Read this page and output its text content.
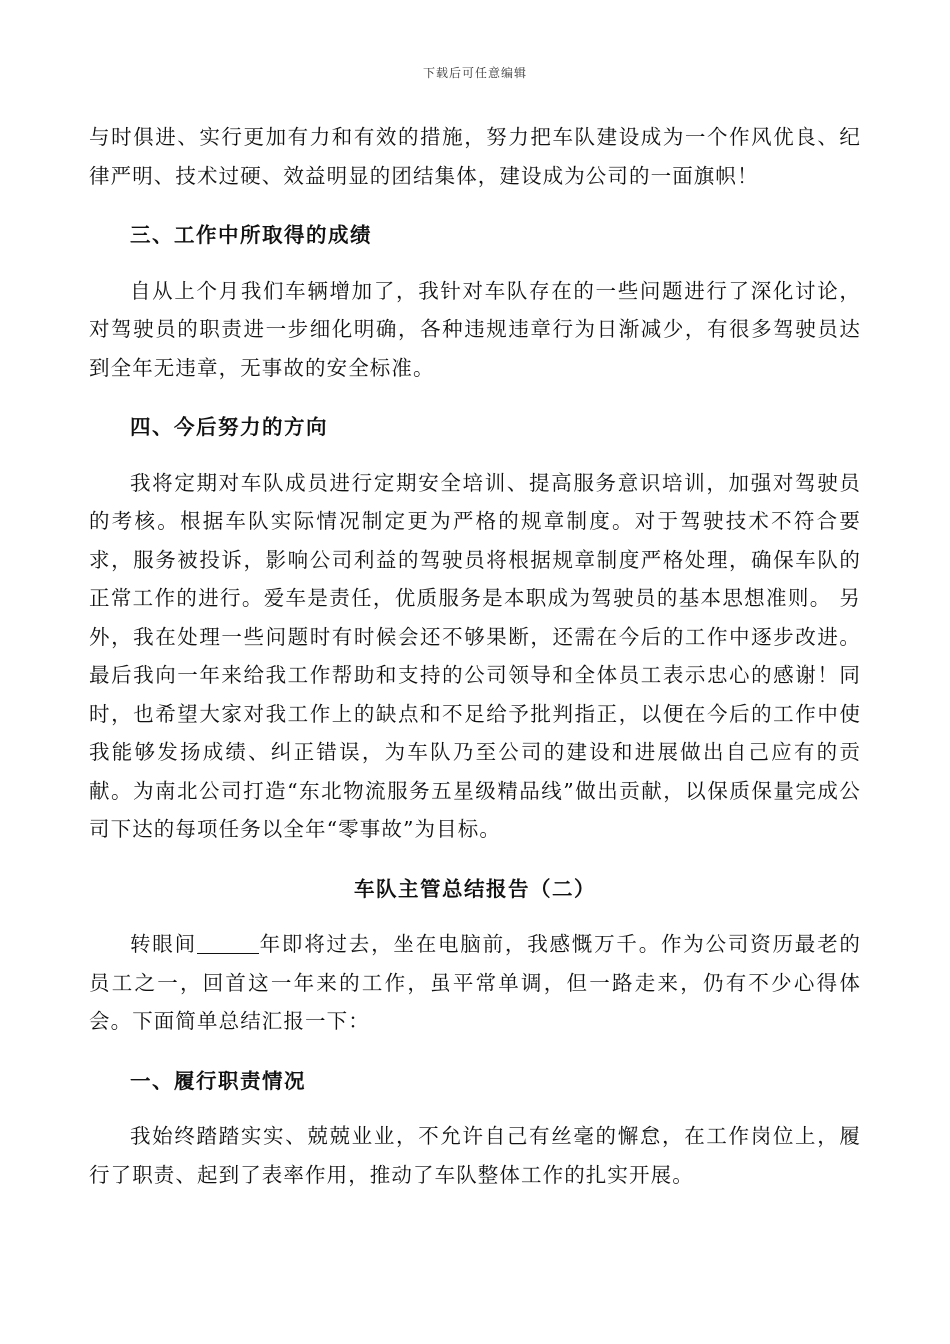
下载后可任意编辑

与时俱进、实行更加有力和有效的措施，努力把车队建设成为一个作风优良、纪律严明、技术过硬、效益明显的团结集体，建设成为公司的一面旗帜！

三、工作中所取得的成绩

自从上个月我们车辆增加了，我针对车队存在的一些问题进行了深化讨论，对驾驶员的职责进一步细化明确，各种违规违章行为日渐减少，有很多驾驶员达到全年无违章，无事故的安全标准。

四、今后努力的方向

我将定期对车队成员进行定期安全培训、提高服务意识培训，加强对驾驶员的考核。根据车队实际情况制定更为严格的规章制度。对于驾驶技术不符合要求，服务被投诉，影响公司利益的驾驶员将根据规章制度严格处理，确保车队的正常工作的进行。爱车是责任，优质服务是本职成为驾驶员的基本思想准则。 另外，我在处理一些问题时有时候会还不够果断，还需在今后的工作中逐步改进。最后我向一年来给我工作帮助和支持的公司领导和全体员工表示忠心的感谢！同时，也希望大家对我工作上的缺点和不足给予批判指正，以便在今后的工作中使我能够发扬成绩、纠正错误，为车队乃至公司的建设和进展做出自己应有的贡献。为南北公司打造“东北物流服务五星级精品线”做出贡献，以保质保量完成公司下达的每项任务以全年“零事故”为目标。

车队主管总结报告（二）

转眼间	年即将过去，坐在电脑前，我感慨万千。作为公司资历最老的员工之一，回首这一年来的工作，虽平常单调，但一路走来，仍有不少心得体会。下面简单总结汇报一下：

一、履行职责情况

我始终踏踏实实、兢兢业业，不允许自己有丝毫的懈怠，在工作岗位上，履行了职责、起到了表率作用，推动了车队整体工作的扎实开展。
